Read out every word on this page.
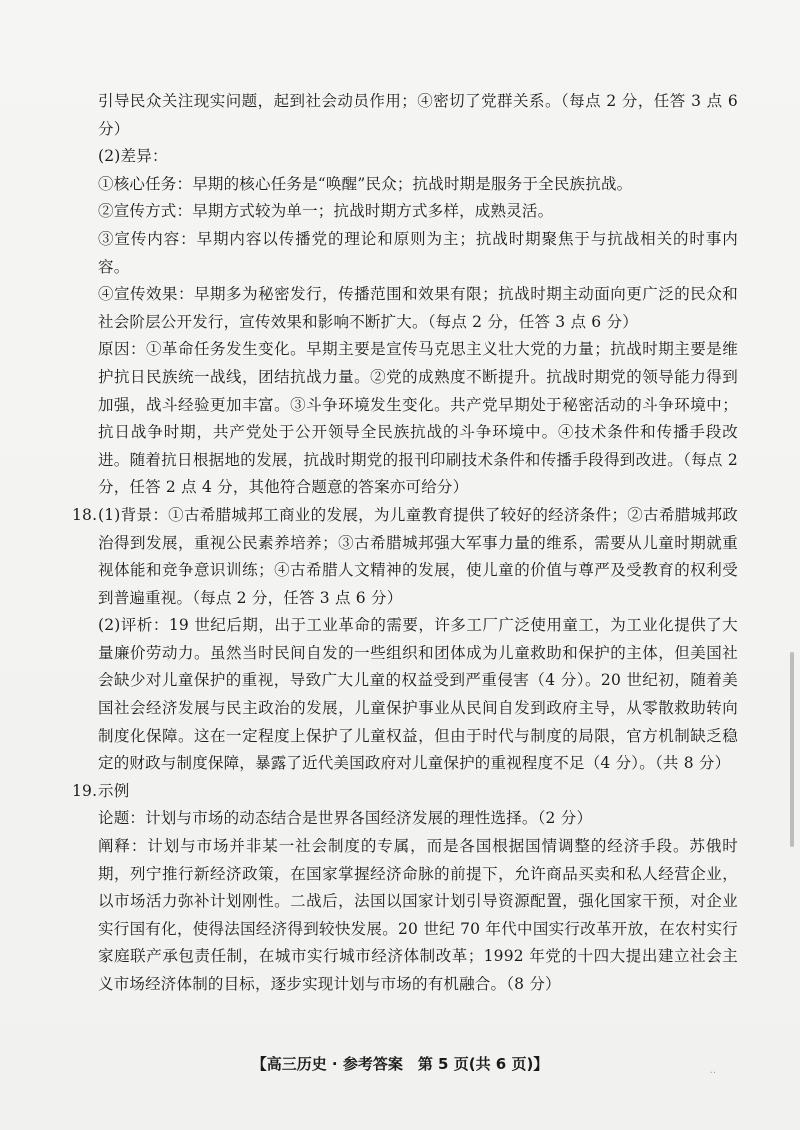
引导民众关注现实问题，起到社会动员作用；④密切了党群关系。（每点 2 分，任答 3 点 6 分）

(2)差异：

①核心任务：早期的核心任务是“唤醒”民众；抗战时期是服务于全民族抗战。

②宣传方式：早期方式较为单一；抗战时期方式多样，成熟灵活。

③宣传内容：早期内容以传播党的理论和原则为主；抗战时期聚焦于与抗战相关的时事内容。

④宣传效果：早期多为秘密发行，传播范围和效果有限；抗战时期主动面向更广泛的民众和社会阶层公开发行，宣传效果和影响不断扩大。（每点 2 分，任答 3 点 6 分）

原因：①革命任务发生变化。早期主要是宣传马克思主义壮大党的力量；抗战时期主要是维护抗日民族统一战线，团结抗战力量。②党的成熟度不断提升。抗战时期党的领导能力得到加强，战斗经验更加丰富。③斗争环境发生变化。共产党早期处于秘密活动的斗争环境中；抗日战争时期，共产党处于公开领导全民族抗战的斗争环境中。④技术条件和传播手段改进。随着抗日根据地的发展，抗战时期党的报刊印刷技术条件和传播手段得到改进。（每点 2 分，任答 2 点 4 分，其他符合题意的答案亦可给分）

18. (1)背景：①古希腊城邦工商业的发展，为儿童教育提供了较好的经济条件；②古希腊城邦政治得到发展，重视公民素养培养；③古希腊城邦强大军事力量的维系，需要从儿童时期就重视体能和竞争意识训练；④古希腊人文精神的发展，使儿童的价值与尊严及受教育的权利受到普遍重视。（每点 2 分，任答 3 点 6 分）

(2)评析：19 世纪后期，出于工业革命的需要，许多工厂广泛使用童工，为工业化提供了大量廉价劳动力。虽然当时民间自发的一些组织和团体成为儿童救助和保护的主体，但美国社会缺少对儿童保护的重视，导致广大儿童的权益受到严重侵害（4 分）。20 世纪初，随着美国社会经济发展与民主政治的发展，儿童保护事业从民间自发到政府主导，从零散救助转向制度化保障。这在一定程度上保护了儿童权益，但由于时代与制度的局限，官方机制缺乏稳定的财政与制度保障，暴露了近代美国政府对儿童保护的重视程度不足（4 分）。（共 8 分）

19. 示例

论题：计划与市场的动态结合是世界各国经济发展的理性选择。（2 分）

阐释：计划与市场并非某一社会制度的专属，而是各国根据国情调整的经济手段。苏俄时期，列宁推行新经济政策，在国家掌握经济命脉的前提下，允许商品买卖和私人经营企业，以市场活力弥补计划刚性。二战后，法国以国家计划引导资源配置，强化国家干预，对企业实行国有化，使得法国经济得到较快发展。20 世纪 70 年代中国实行改革开放，在农村实行家庭联产承包责任制，在城市实行城市经济体制改革；1992 年党的十四大提出建立社会主义市场经济体制的目标，逐步实现计划与市场的有机融合。（8 分）

【高三历史 · 参考答案　第 5 页(共 6 页)】
··
